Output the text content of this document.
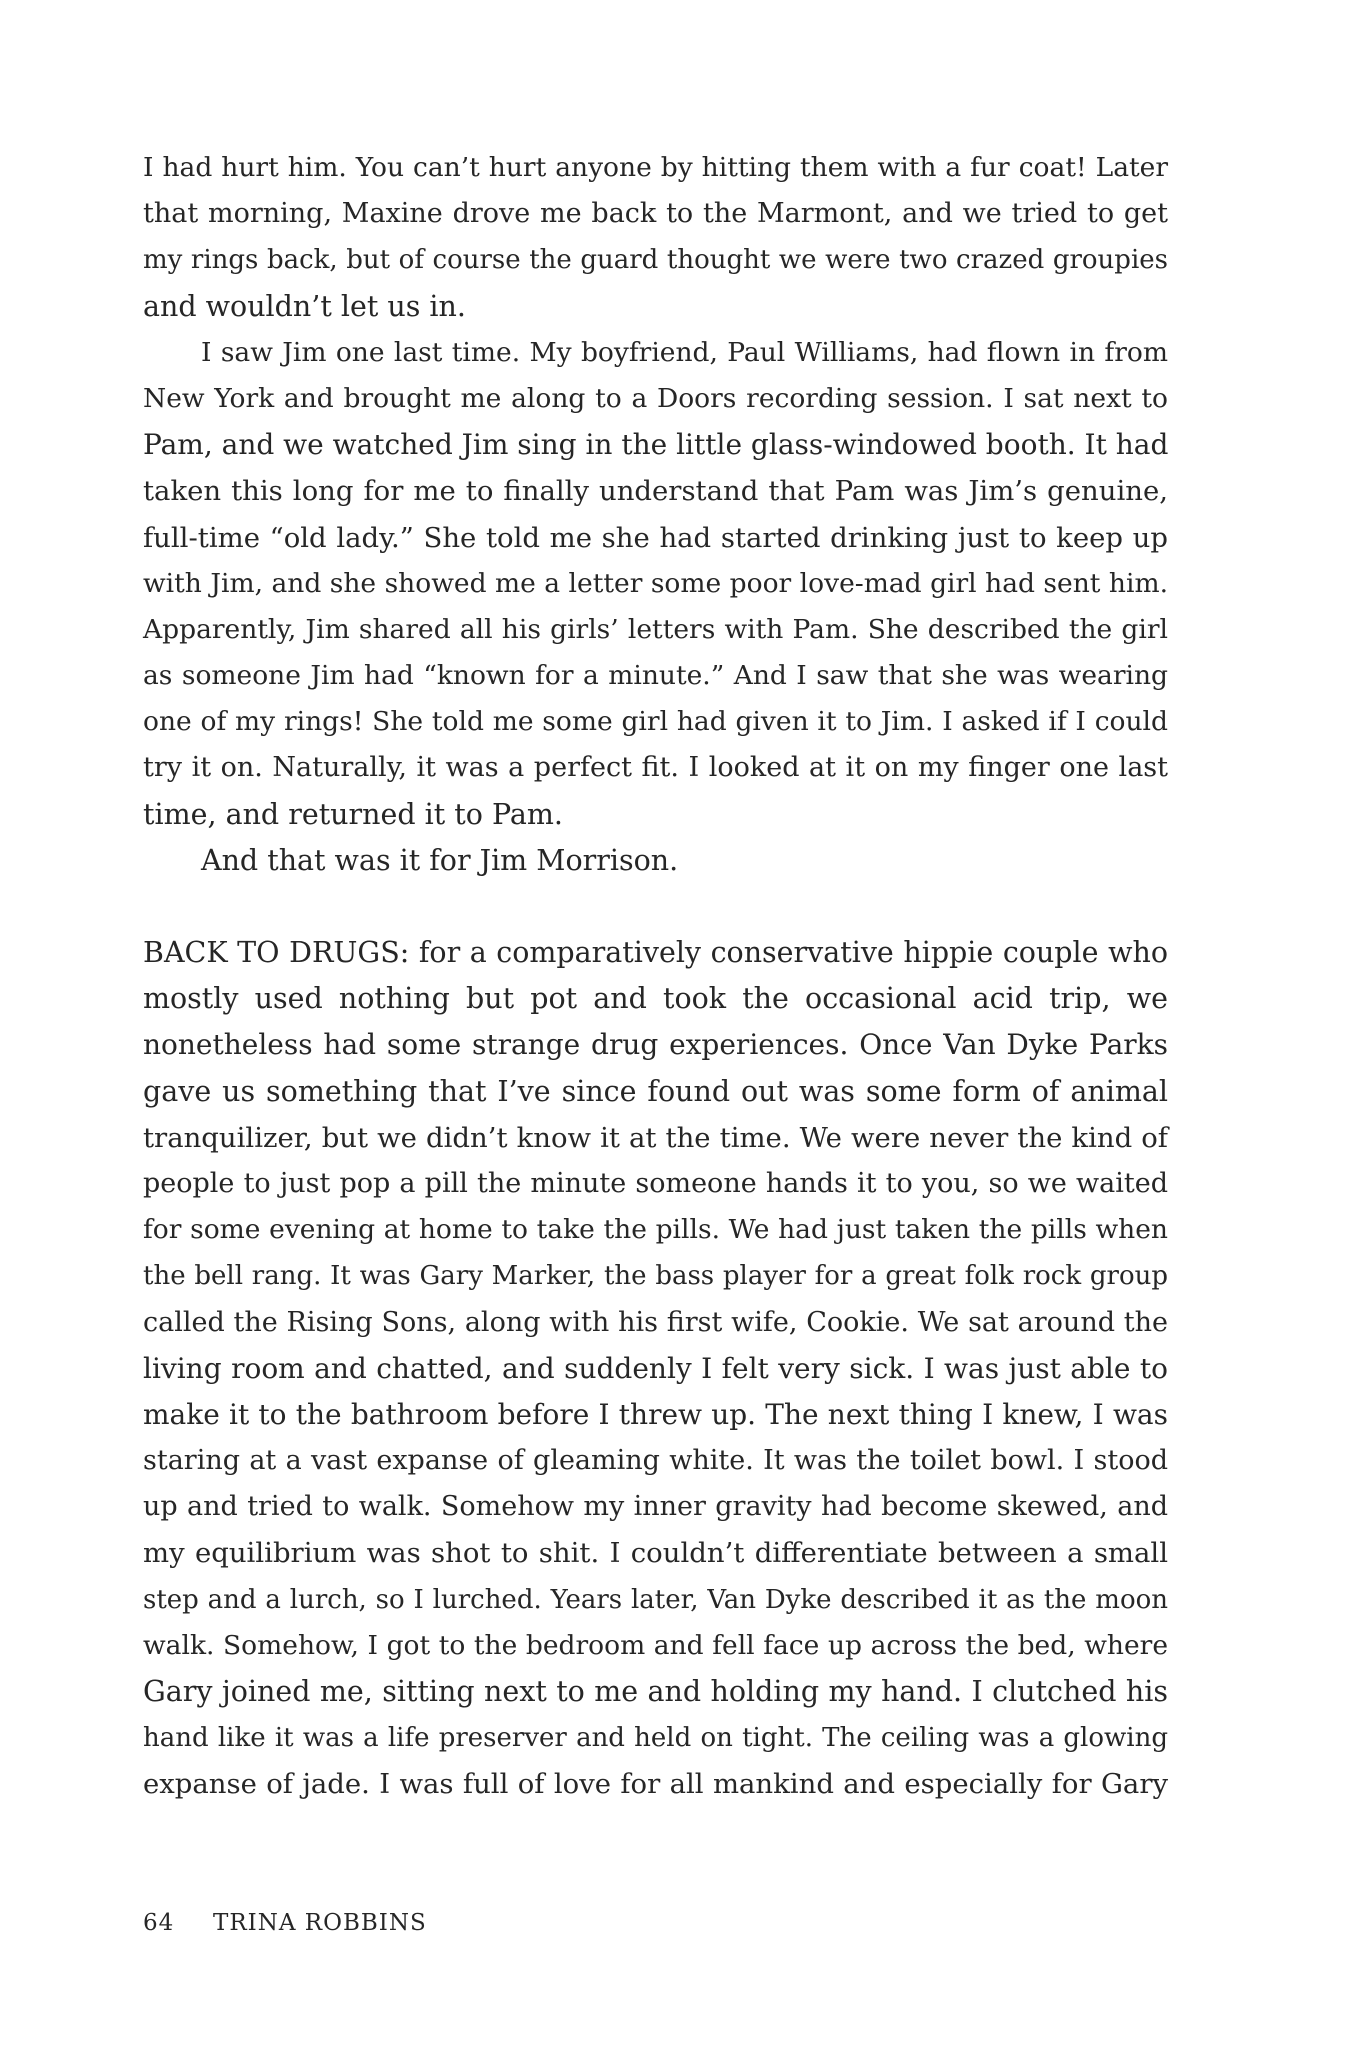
I had hurt him. You can’t hurt anyone by hitting them with a fur coat! Later
that morning, Maxine drove me back to the Marmont, and we tried to get
my rings back, but of course the guard thought we were two crazed groupies
and wouldn’t let us in.
I saw Jim one last time. My boyfriend, Paul Williams, had flown in from
New York and brought me along to a Doors recording session. I sat next to
Pam, and we watched Jim sing in the little glass-windowed booth. It had
taken this long for me to finally understand that Pam was Jim’s genuine,
full-time “old lady.” She told me she had started drinking just to keep up
with Jim, and she showed me a letter some poor love-mad girl had sent him.
Apparently, Jim shared all his girls’ letters with Pam. She described the girl
as someone Jim had “known for a minute.” And I saw that she was wearing
one of my rings! She told me some girl had given it to Jim. I asked if I could
try it on. Naturally, it was a perfect fit. I looked at it on my finger one last
time, and returned it to Pam.
And that was it for Jim Morrison.
BACK TO DRUGS: for a comparatively conservative hippie couple who
mostly used nothing but pot and took the occasional acid trip, we
nonetheless had some strange drug experiences. Once Van Dyke Parks
gave us something that I’ve since found out was some form of animal
tranquilizer, but we didn’t know it at the time. We were never the kind of
people to just pop a pill the minute someone hands it to you, so we waited
for some evening at home to take the pills. We had just taken the pills when
the bell rang. It was Gary Marker, the bass player for a great folk rock group
called the Rising Sons, along with his first wife, Cookie. We sat around the
living room and chatted, and suddenly I felt very sick. I was just able to
make it to the bathroom before I threw up. The next thing I knew, I was
staring at a vast expanse of gleaming white. It was the toilet bowl. I stood
up and tried to walk. Somehow my inner gravity had become skewed, and
my equilibrium was shot to shit. I couldn’t differentiate between a small
step and a lurch, so I lurched. Years later, Van Dyke described it as the moon
walk. Somehow, I got to the bedroom and fell face up across the bed, where
Gary joined me, sitting next to me and holding my hand. I clutched his
hand like it was a life preserver and held on tight. The ceiling was a glowing
expanse of jade. I was full of love for all mankind and especially for Gary
64 TRINA ROBBINS
